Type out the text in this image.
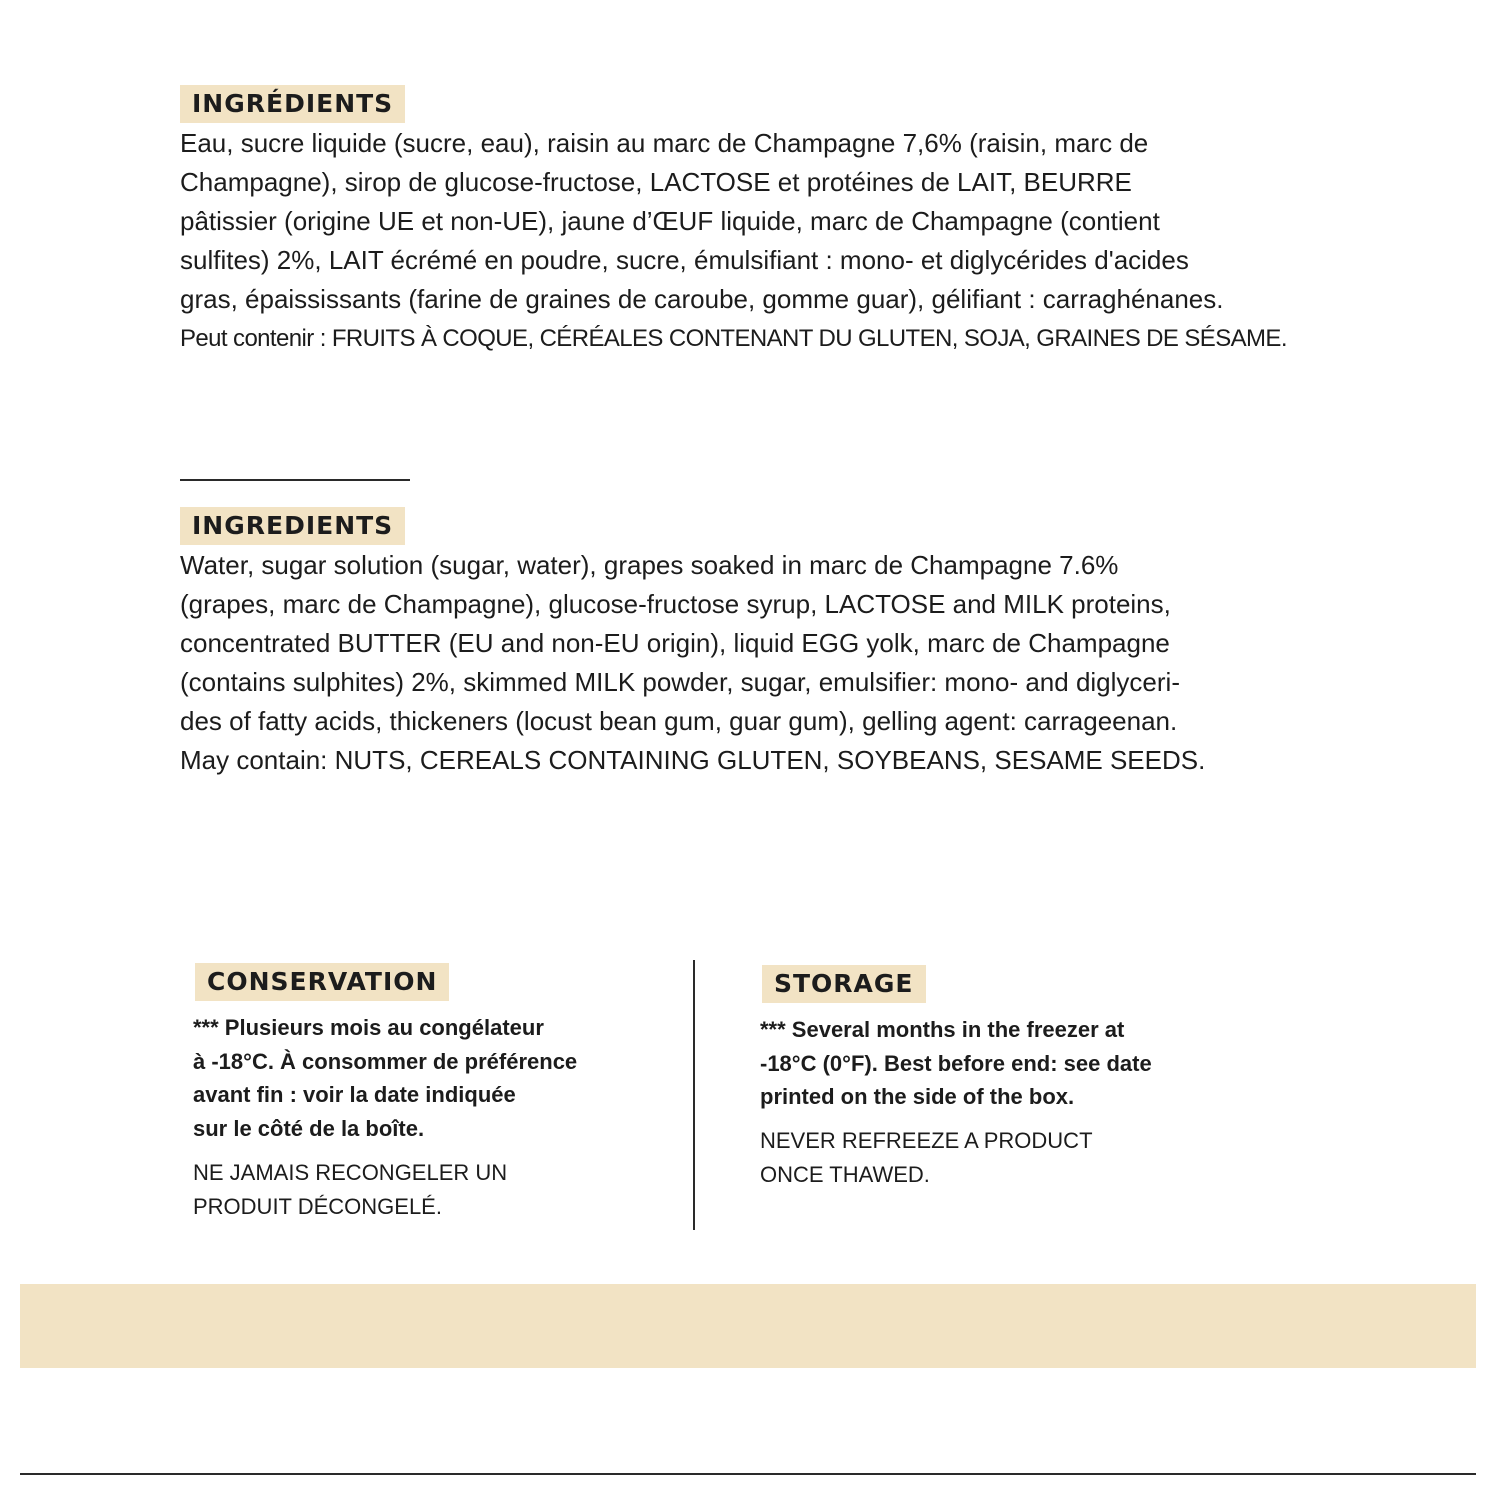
INGRÉDIENTS
Eau, sucre liquide (sucre, eau), raisin au marc de Champagne 7,6% (raisin, marc de
Champagne), sirop de glucose-fructose, LACTOSE et protéines de LAIT, BEURRE
pâtissier (origine UE et non-UE), jaune d’ŒUF liquide, marc de Champagne (contient
sulfites) 2%, LAIT écrémé en poudre, sucre, émulsifiant : mono- et diglycérides d'acides
gras, épaississants (farine de graines de caroube, gomme guar), gélifiant : carraghénanes.
Peut contenir : FRUITS À COQUE, CÉRÉALES CONTENANT DU GLUTEN, SOJA, GRAINES DE SÉSAME.
INGREDIENTS
Water, sugar solution (sugar, water), grapes soaked in marc de Champagne 7.6%
(grapes, marc de Champagne), glucose-fructose syrup, LACTOSE and MILK proteins,
concentrated BUTTER (EU and non-EU origin), liquid EGG yolk, marc de Champagne
(contains sulphites) 2%, skimmed MILK powder, sugar, emulsifier: mono- and diglyceri-
des of fatty acids, thickeners (locust bean gum, guar gum), gelling agent: carrageenan.
May contain: NUTS, CEREALS CONTAINING GLUTEN, SOYBEANS, SESAME SEEDS.
CONSERVATION
*** Plusieurs mois au congélateur
à -18°C. À consommer de préférence
avant fin : voir la date indiquée
sur le côté de la boîte.
NE JAMAIS RECONGELER UN
PRODUIT DÉCONGELÉ.
STORAGE
*** Several months in the freezer at
-18°C (0°F). Best before end: see date
printed on the side of the box.
NEVER REFREEZE A PRODUCT
ONCE THAWED.
